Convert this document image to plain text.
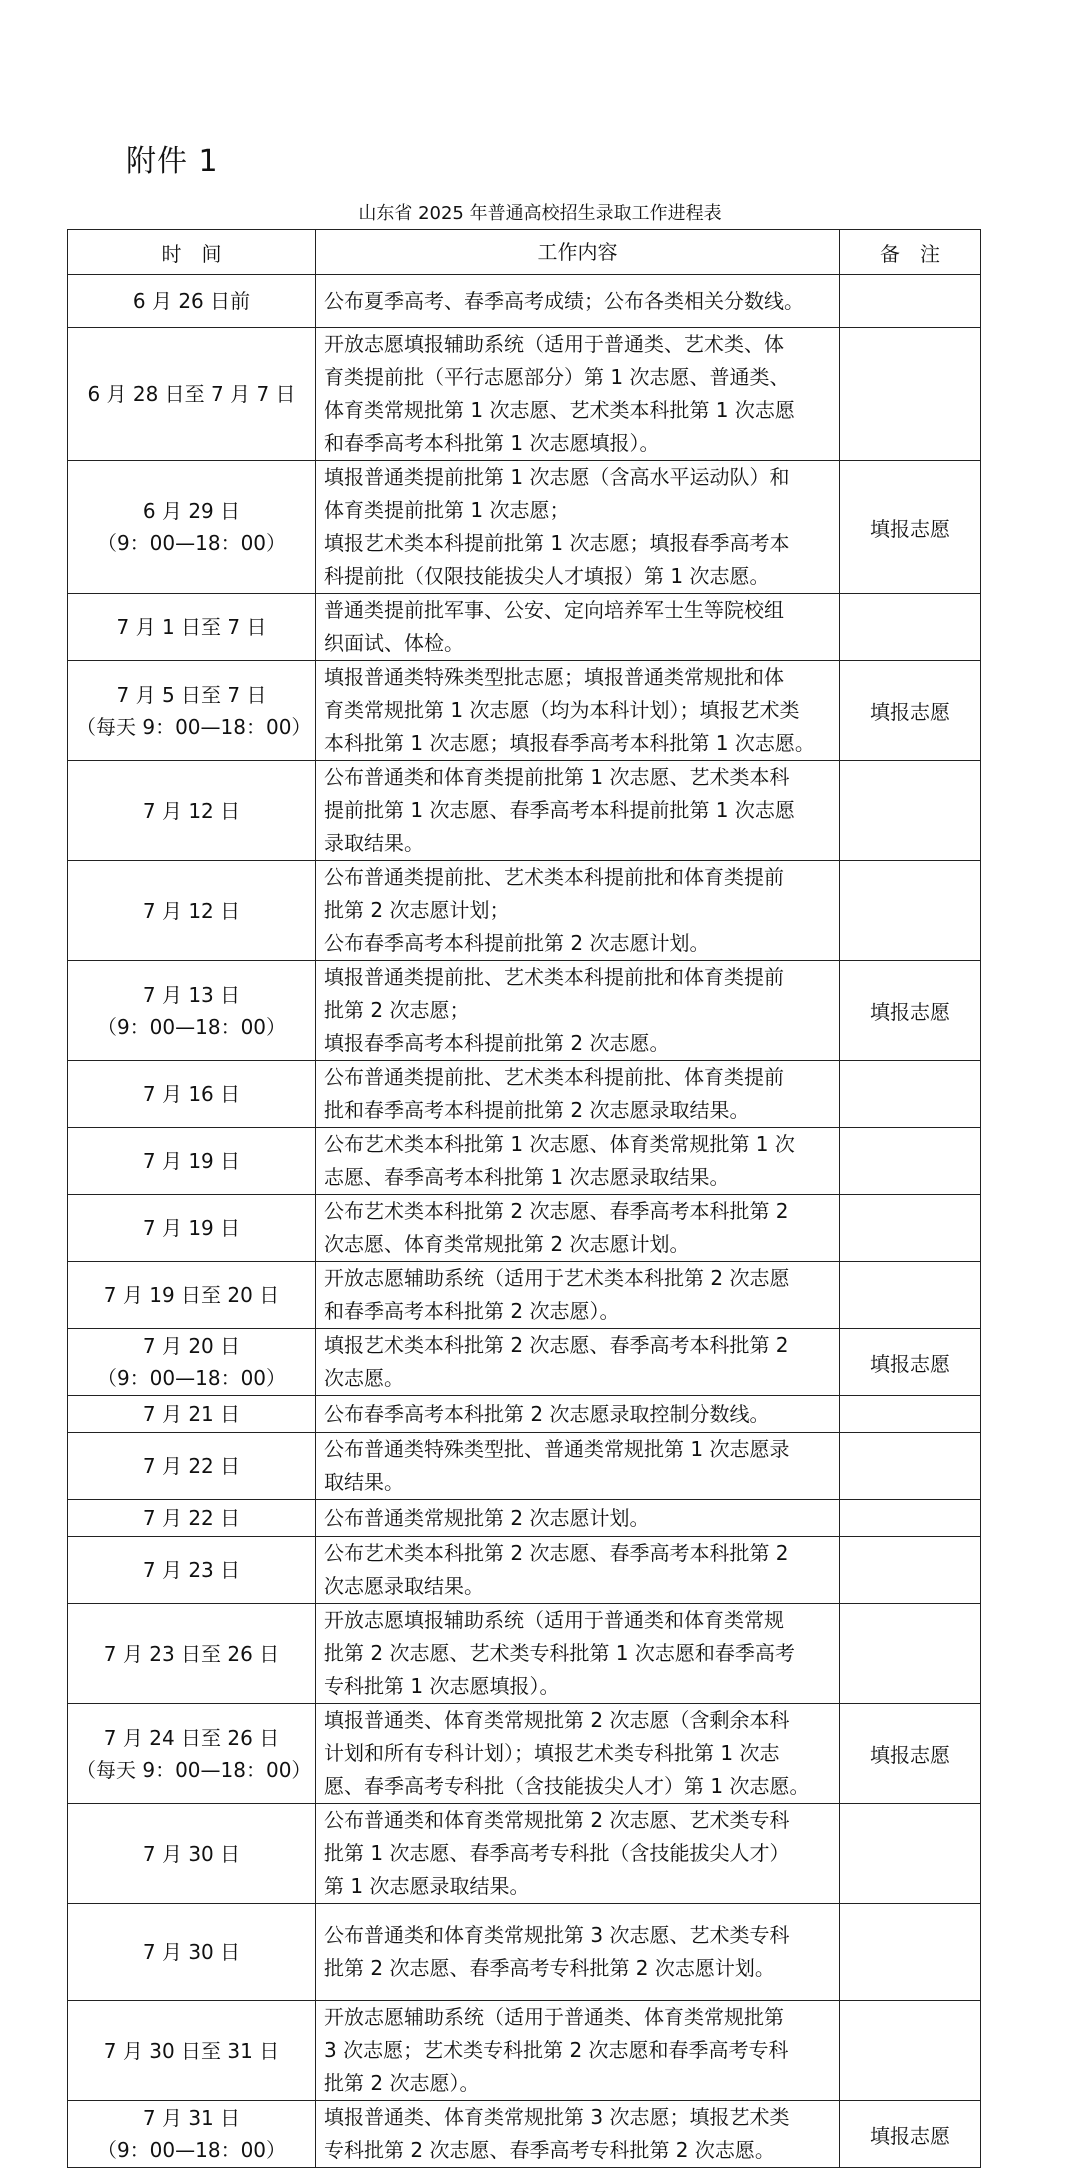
附件 1
山东省 2025 年普通高校招生录取工作进程表
时　间	工作内容	备　注

6 月 26 日前	公布夏季高考、春季高考成绩；公布各类相关分数线。	

6 月 28 日至 7 月 7 日	开放志愿填报辅助系统（适用于普通类、艺术类、体
育类提前批（平行志愿部分）第 1 次志愿、普通类、
体育类常规批第 1 次志愿、艺术类本科批第 1 次志愿
和春季高考本科批第 1 次志愿填报）。	

6 月 29 日
（9：00—18：00）	填报普通类提前批第 1 次志愿（含高水平运动队）和
体育类提前批第 1 次志愿；
填报艺术类本科提前批第 1 次志愿；填报春季高考本
科提前批（仅限技能拔尖人才填报）第 1 次志愿。	填报志愿

7 月 1 日至 7 日	普通类提前批军事、公安、定向培养军士生等院校组
织面试、体检。	

7 月 5 日至 7 日
（每天 9：00—18：00）	填报普通类特殊类型批志愿；填报普通类常规批和体
育类常规批第 1 次志愿（均为本科计划）；填报艺术类
本科批第 1 次志愿；填报春季高考本科批第 1 次志愿。	填报志愿

7 月 12 日	公布普通类和体育类提前批第 1 次志愿、艺术类本科
提前批第 1 次志愿、春季高考本科提前批第 1 次志愿
录取结果。	

7 月 12 日	公布普通类提前批、艺术类本科提前批和体育类提前
批第 2 次志愿计划；
公布春季高考本科提前批第 2 次志愿计划。	

7 月 13 日
（9：00—18：00）	填报普通类提前批、艺术类本科提前批和体育类提前
批第 2 次志愿；
填报春季高考本科提前批第 2 次志愿。	填报志愿

7 月 16 日	公布普通类提前批、艺术类本科提前批、体育类提前
批和春季高考本科提前批第 2 次志愿录取结果。	

7 月 19 日	公布艺术类本科批第 1 次志愿、体育类常规批第 1 次
志愿、春季高考本科批第 1 次志愿录取结果。	

7 月 19 日	公布艺术类本科批第 2 次志愿、春季高考本科批第 2
次志愿、体育类常规批第 2 次志愿计划。	

7 月 19 日至 20 日	开放志愿辅助系统（适用于艺术类本科批第 2 次志愿
和春季高考本科批第 2 次志愿）。	

7 月 20 日
（9：00—18：00）	填报艺术类本科批第 2 次志愿、春季高考本科批第 2
次志愿。	填报志愿

7 月 21 日	公布春季高考本科批第 2 次志愿录取控制分数线。	

7 月 22 日	公布普通类特殊类型批、普通类常规批第 1 次志愿录
取结果。	

7 月 22 日	公布普通类常规批第 2 次志愿计划。	

7 月 23 日	公布艺术类本科批第 2 次志愿、春季高考本科批第 2
次志愿录取结果。	

7 月 23 日至 26 日	开放志愿填报辅助系统（适用于普通类和体育类常规
批第 2 次志愿、艺术类专科批第 1 次志愿和春季高考
专科批第 1 次志愿填报）。	

7 月 24 日至 26 日
（每天 9：00—18：00）	填报普通类、体育类常规批第 2 次志愿（含剩余本科
计划和所有专科计划）；填报艺术类专科批第 1 次志
愿、春季高考专科批（含技能拔尖人才）第 1 次志愿。	填报志愿

7 月 30 日	公布普通类和体育类常规批第 2 次志愿、艺术类专科
批第 1 次志愿、春季高考专科批（含技能拔尖人才）
第 1 次志愿录取结果。	

7 月 30 日	公布普通类和体育类常规批第 3 次志愿、艺术类专科
批第 2 次志愿、春季高考专科批第 2 次志愿计划。	

7 月 30 日至 31 日	开放志愿辅助系统（适用于普通类、体育类常规批第
3 次志愿；艺术类专科批第 2 次志愿和春季高考专科
批第 2 次志愿）。	

7 月 31 日
（9：00—18：00）	填报普通类、体育类常规批第 3 次志愿；填报艺术类
专科批第 2 次志愿、春季高考专科批第 2 次志愿。	填报志愿
